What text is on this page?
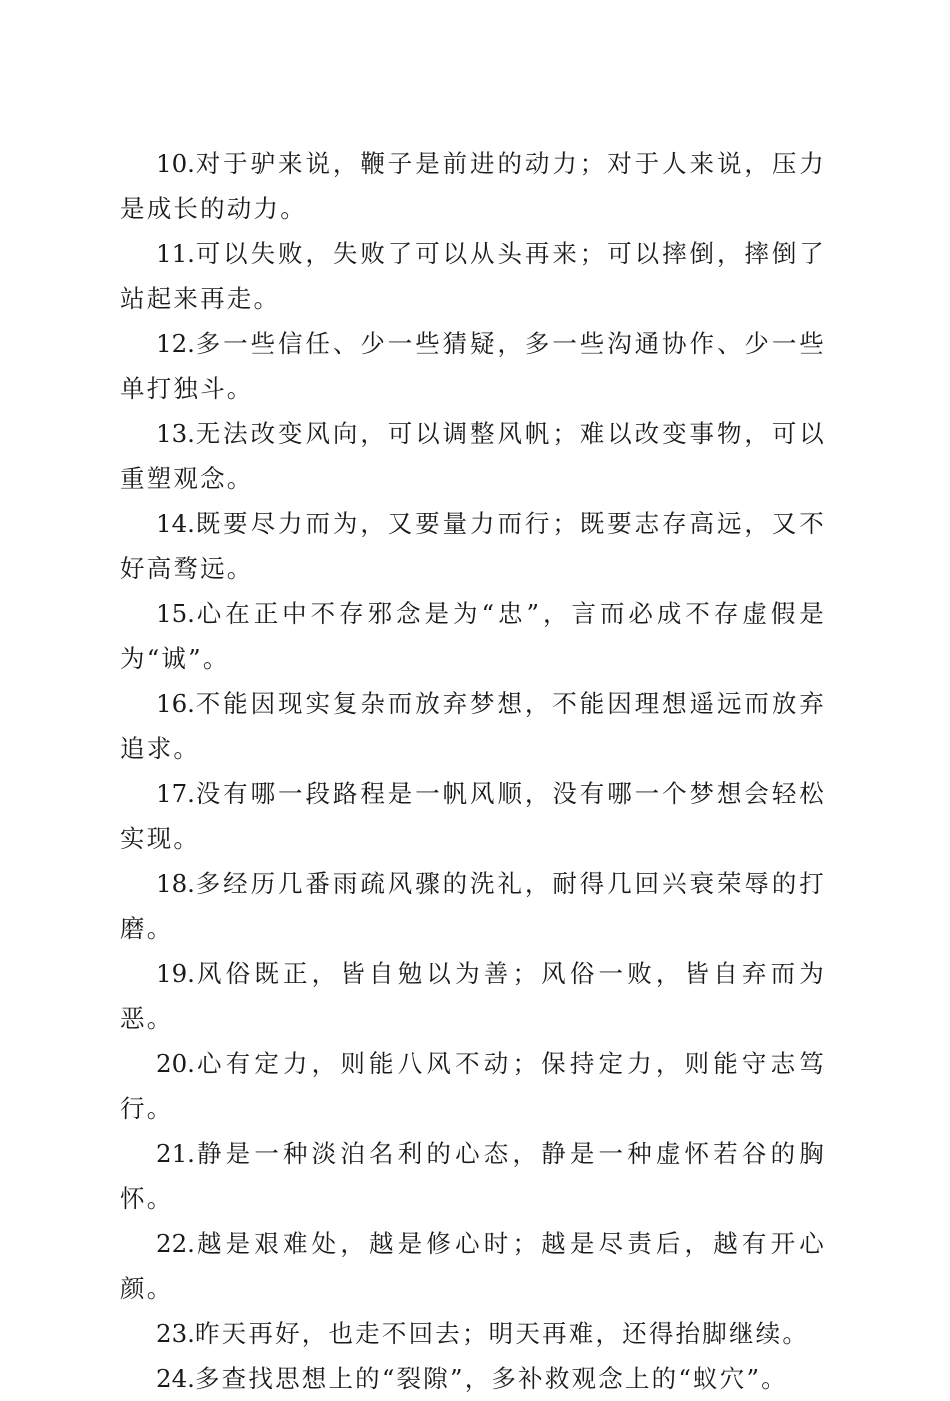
10.对于驴来说，鞭子是前进的动力；对于人来说，压力是成长的动力。

11.可以失败，失败了可以从头再来；可以摔倒，摔倒了站起来再走。

12.多一些信任、少一些猜疑，多一些沟通协作、少一些单打独斗。

13.无法改变风向，可以调整风帆；难以改变事物，可以重塑观念。

14.既要尽力而为，又要量力而行；既要志存高远，又不好高骛远。

15.心在正中不存邪念是为“忠”，言而必成不存虚假是为“诚”。

16.不能因现实复杂而放弃梦想，不能因理想遥远而放弃追求。

17.没有哪一段路程是一帆风顺，没有哪一个梦想会轻松实现。

18.多经历几番雨疏风骤的洗礼，耐得几回兴衰荣辱的打磨。

19.风俗既正，皆自勉以为善；风俗一败，皆自弃而为恶。

20.心有定力，则能八风不动；保持定力，则能守志笃行。

21.静是一种淡泊名利的心态，静是一种虚怀若谷的胸怀。

22.越是艰难处，越是修心时；越是尽责后，越有开心颜。

23.昨天再好，也走不回去；明天再难，还得抬脚继续。

24.多查找思想上的“裂隙”，多补救观念上的“蚁穴”。
